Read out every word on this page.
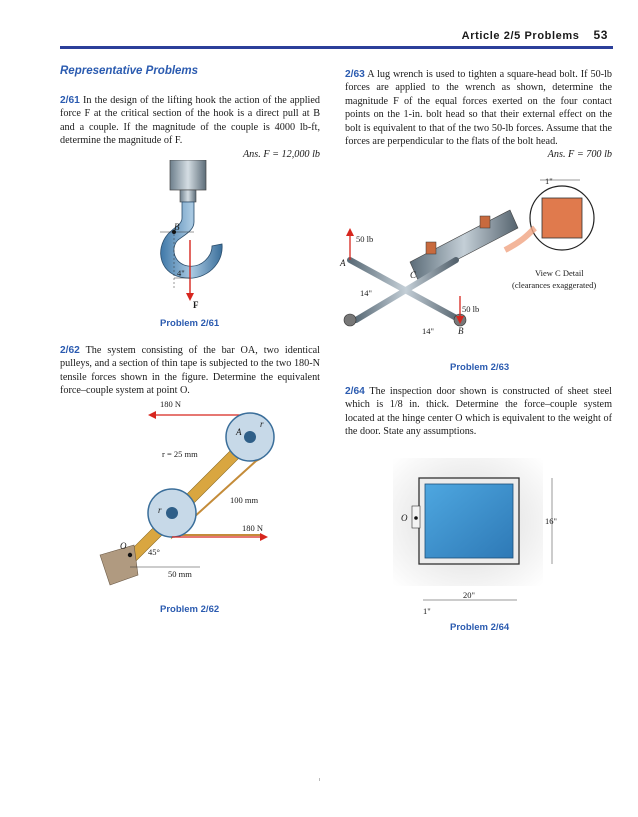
Article 2/5 Problems 53
Representative Problems
2/61 In the design of the lifting hook the action of the applied force F at the critical section of the hook is a direct pull at B and a couple. If the magnitude of the couple is 4000 lb-ft, determine the magnitude of F.
Ans. F = 12,000 lb
B
4"
F
Problem 2/61
2/62 The system consisting of the bar OA, two identical pulleys, and a section of thin tape is subjected to the two 180-N tensile forces shown in the figure. Determine the equivalent force–couple system at point O.
180 N
r = 25 mm
A
r
r
100 mm
180 N
O
45°
50 mm
Problem 2/62
2/63 A lug wrench is used to tighten a square-head bolt. If 50-lb forces are applied to the wrench as shown, determine the magnitude F of the equal forces exerted on the four contact points on the 1-in. bolt head so that their external effect on the bolt is equivalent to that of the two 50-lb forces. Assume that the forces are perpendicular to the flats of the bolt head.
Ans. F = 700 lb
1"
View C Detail
(clearances exaggerated)
A
C
B
50 lb
50 lb
14"
14"
Problem 2/63
2/64 The inspection door shown is constructed of sheet steel which is 1/8 in. thick. Determine the force–couple system located at the hinge center O which is equivalent to the weight of the door. State any assumptions.
O	16"
20"
1"
Problem 2/64
